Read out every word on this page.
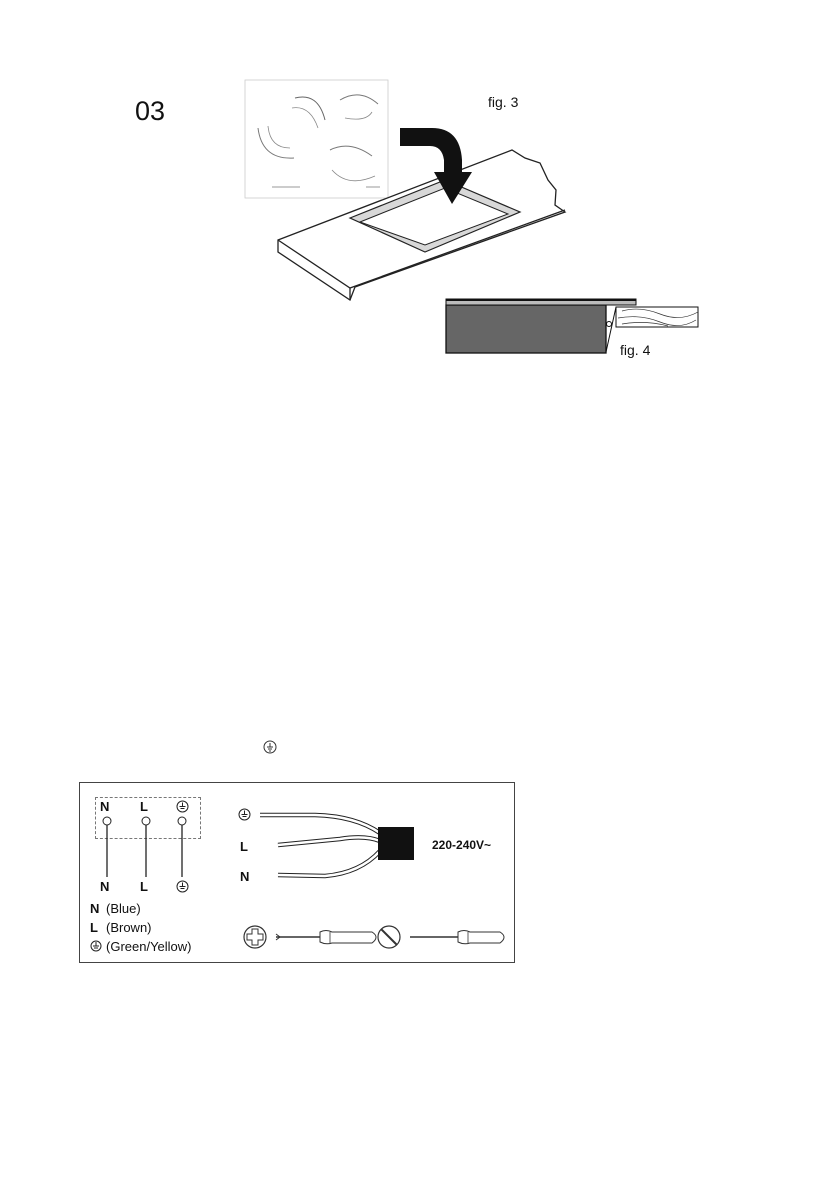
03	fig. 3
fig. 4
N L
N L
N (Blue)
L (Brown)
(Green/Yellow)
L
N
220-240V~
